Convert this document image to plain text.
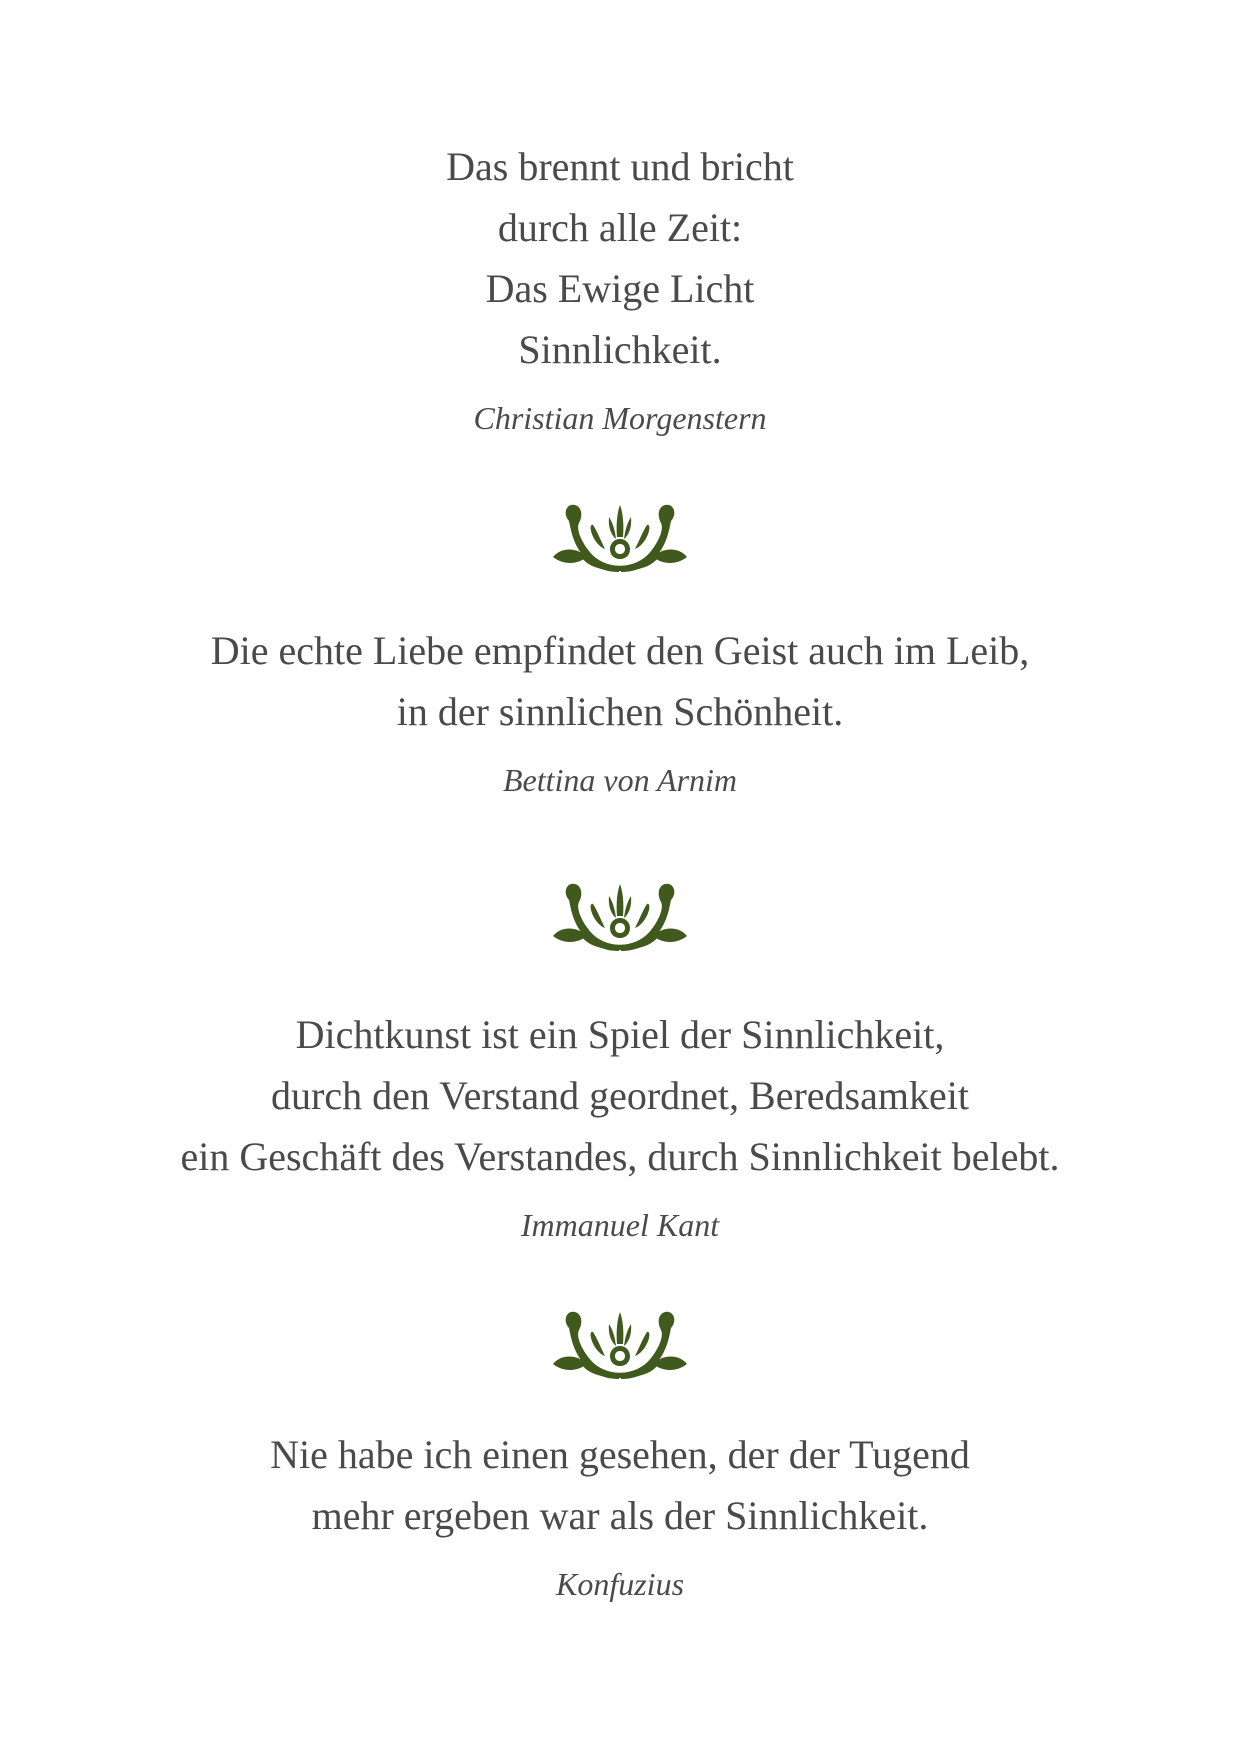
Das brennt und bricht
durch alle Zeit:
Das Ewige Licht
Sinnlichkeit.
Christian Morgenstern
Die echte Liebe empfindet den Geist auch im Leib,
in der sinnlichen Schönheit.
Bettina von Arnim
Dichtkunst ist ein Spiel der Sinnlichkeit,
durch den Verstand geordnet, Beredsamkeit
ein Geschäft des Verstandes, durch Sinnlichkeit belebt.
Immanuel Kant
Nie habe ich einen gesehen, der der Tugend
mehr ergeben war als der Sinnlichkeit.
Konfuzius
